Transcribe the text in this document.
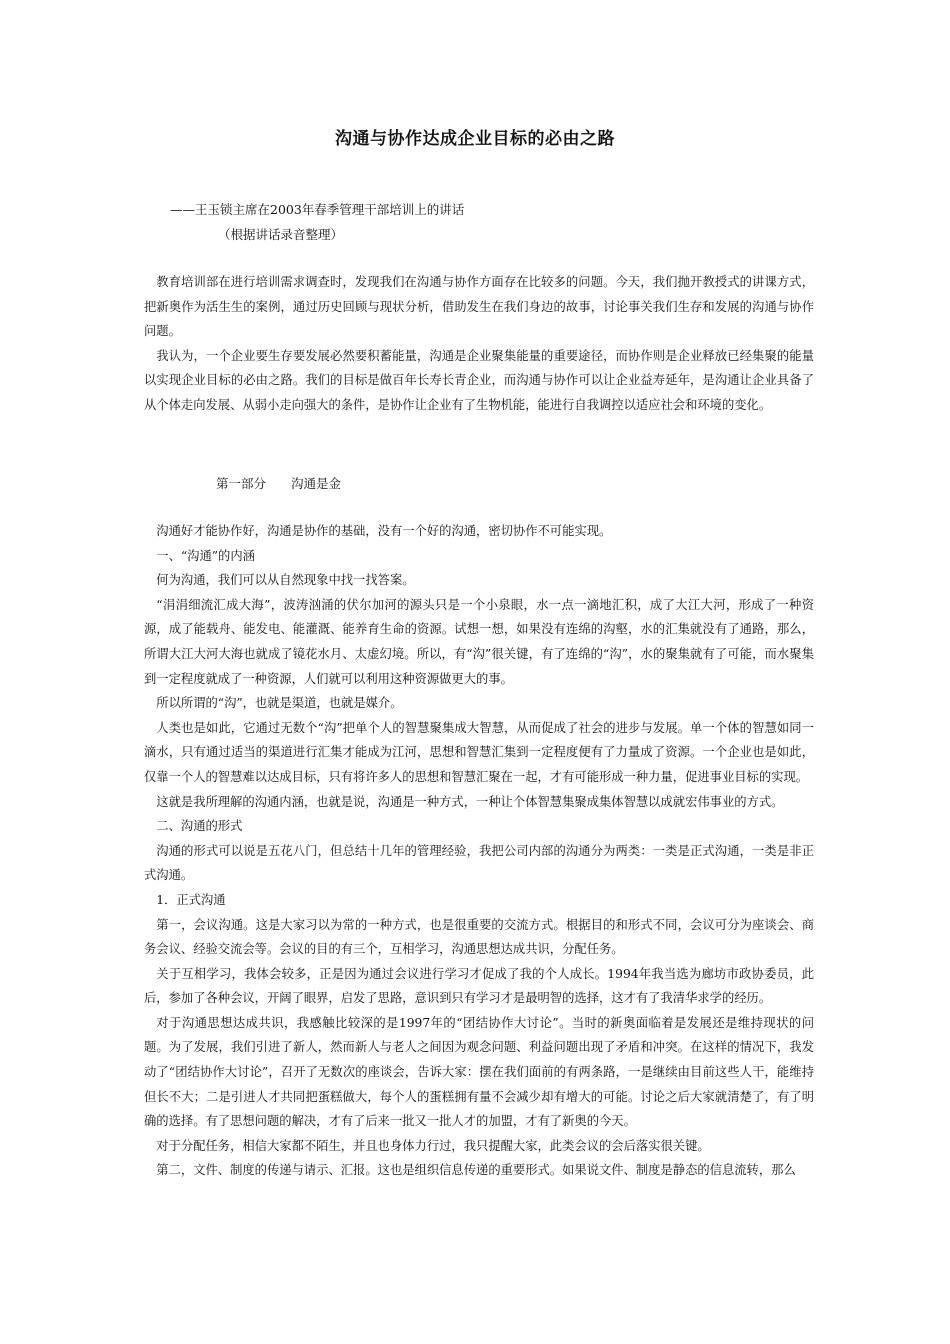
沟通与协作达成企业目标的必由之路
——王玉锁主席在2003年春季管理干部培训上的讲话
（根据讲话录音整理）

教育培训部在进行培训需求调查时，发现我们在沟通与协作方面存在比较多的问题。今天，我们抛开教授式的讲课方式，把新奥作为活生生的案例，通过历史回顾与现状分析，借助发生在我们身边的故事，讨论事关我们生存和发展的沟通与协作问题。

我认为，一个企业要生存要发展必然要积蓄能量，沟通是企业聚集能量的重要途径，而协作则是企业释放已经集聚的能量以实现企业目标的必由之路。我们的目标是做百年长寿长青企业，而沟通与协作可以让企业益寿延年，是沟通让企业具备了从个体走向发展、从弱小走向强大的条件，是协作让企业有了生物机能，能进行自我调控以适应社会和环境的变化。

第一部分　　沟通是金

沟通好才能协作好，沟通是协作的基础，没有一个好的沟通，密切协作不可能实现。

一、“沟通”的内涵

何为沟通，我们可以从自然现象中找一找答案。

“涓涓细流汇成大海”，波涛汹涌的伏尔加河的源头只是一个小泉眼，水一点一滴地汇积，成了大江大河，形成了一种资源，成了能载舟、能发电、能灌溉、能养育生命的资源。试想一想，如果没有连绵的沟壑，水的汇集就没有了通路，那么，所谓大江大河大海也就成了镜花水月、太虚幻境。所以，有“沟”很关键，有了连绵的“沟”，水的聚集就有了可能，而水聚集到一定程度就成了一种资源，人们就可以利用这种资源做更大的事。

所以所谓的“沟”，也就是渠道，也就是媒介。

人类也是如此，它通过无数个“沟”把单个人的智慧聚集成大智慧，从而促成了社会的进步与发展。单一个体的智慧如同一滴水，只有通过适当的渠道进行汇集才能成为江河，思想和智慧汇集到一定程度便有了力量成了资源。一个企业也是如此，仅靠一个人的智慧难以达成目标，只有将许多人的思想和智慧汇聚在一起，才有可能形成一种力量，促进事业目标的实现。

这就是我所理解的沟通内涵，也就是说，沟通是一种方式，一种让个体智慧集聚成集体智慧以成就宏伟事业的方式。

二、沟通的形式

沟通的形式可以说是五花八门，但总结十几年的管理经验，我把公司内部的沟通分为两类：一类是正式沟通，一类是非正式沟通。

1．正式沟通

第一，会议沟通。这是大家习以为常的一种方式，也是很重要的交流方式。根据目的和形式不同，会议可分为座谈会、商务会议、经验交流会等。会议的目的有三个，互相学习，沟通思想达成共识，分配任务。

关于互相学习，我体会较多，正是因为通过会议进行学习才促成了我的个人成长。1994年我当选为廊坊市政协委员，此后，参加了各种会议，开阔了眼界，启发了思路，意识到只有学习才是最明智的选择，这才有了我清华求学的经历。

对于沟通思想达成共识，我感触比较深的是1997年的“团结协作大讨论”。当时的新奥面临着是发展还是维持现状的问题。为了发展，我们引进了新人，然而新人与老人之间因为观念问题、利益问题出现了矛盾和冲突。在这样的情况下，我发动了“团结协作大讨论”，召开了无数次的座谈会，告诉大家：摆在我们面前的有两条路，一是继续由目前这些人干，能维持但长不大；二是引进人才共同把蛋糕做大，每个人的蛋糕拥有量不会减少却有增大的可能。讨论之后大家就清楚了，有了明确的选择。有了思想问题的解决，才有了后来一批又一批人才的加盟，才有了新奥的今天。

对于分配任务，相信大家都不陌生，并且也身体力行过，我只提醒大家，此类会议的会后落实很关键。

第二，文件、制度的传递与请示、汇报。这也是组织信息传递的重要形式。如果说文件、制度是静态的信息流转，那么
